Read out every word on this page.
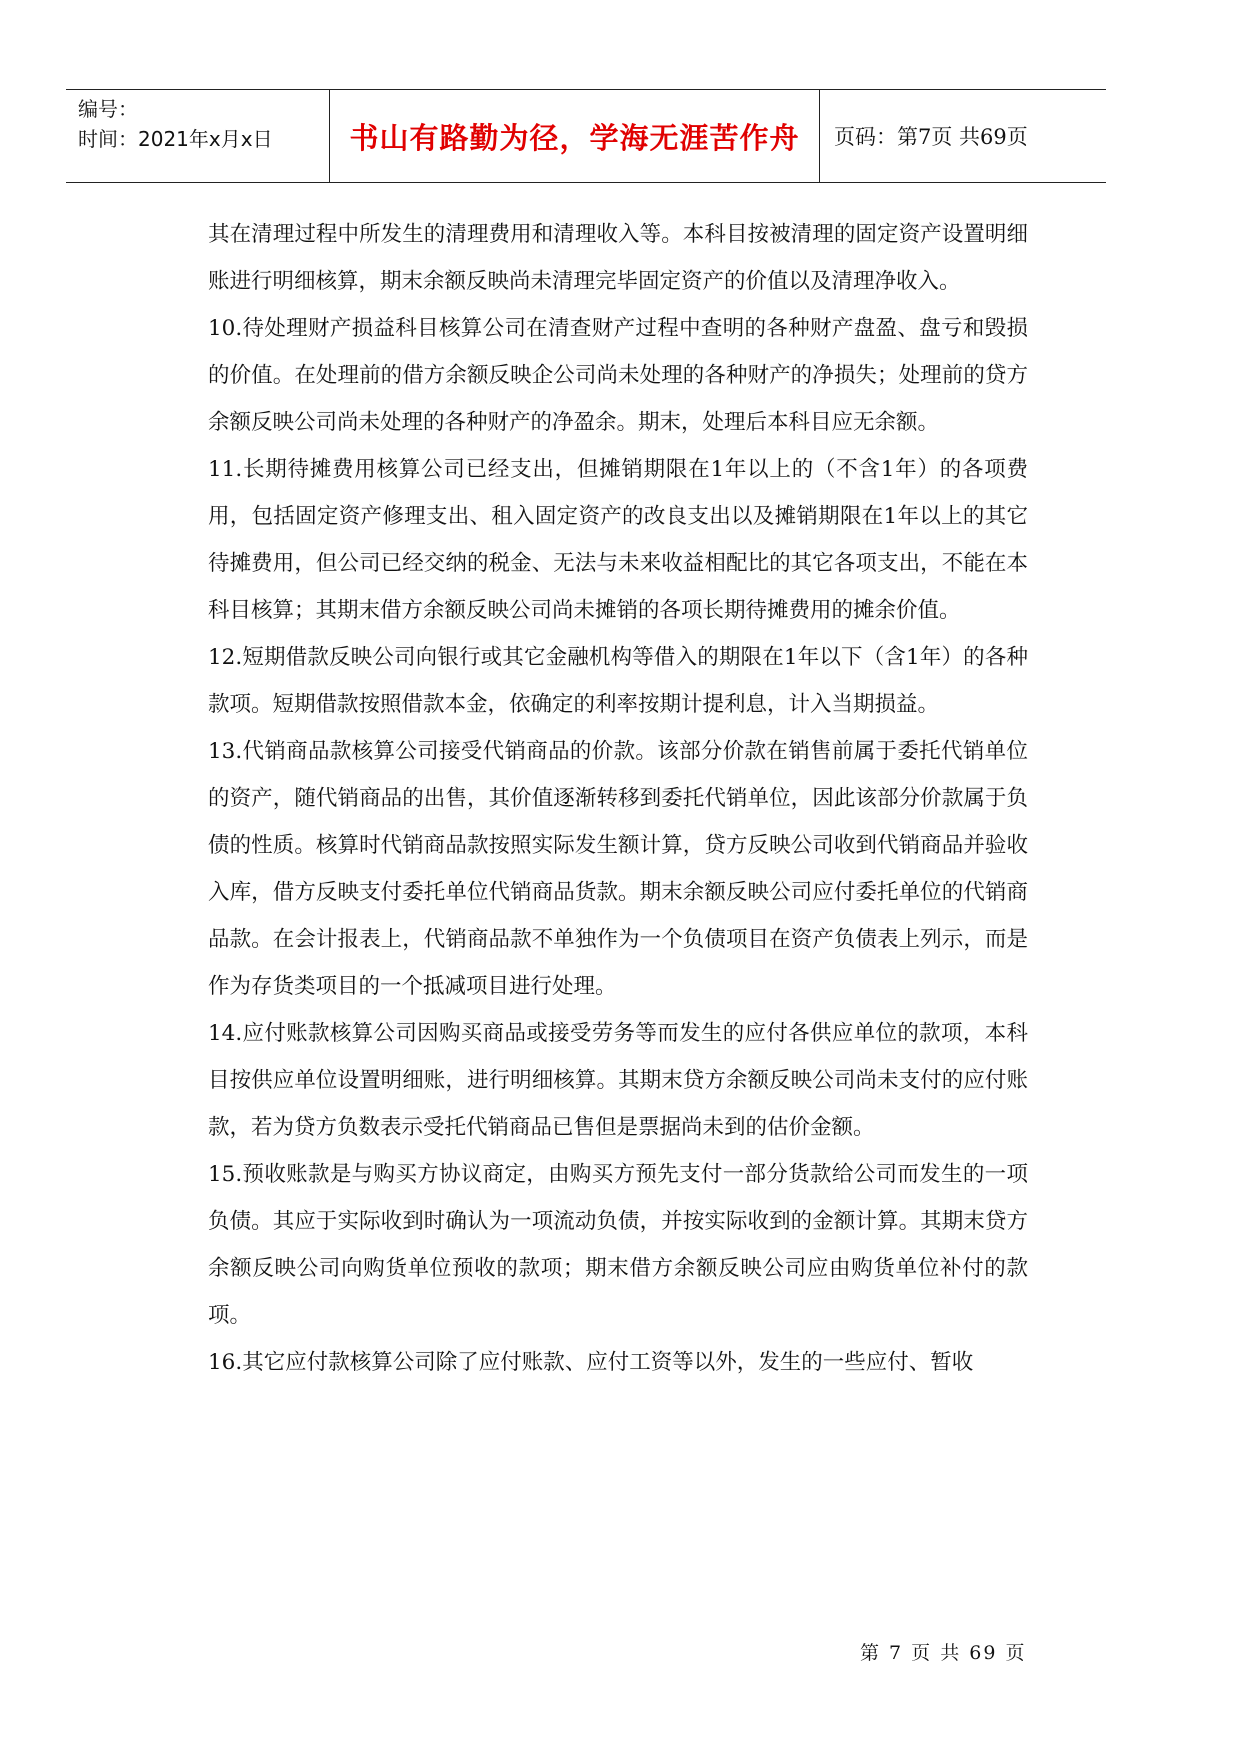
编号：
时间：2021年x月x日	书山有路勤为径，学海无涯苦作舟	页码：第7页 共69页

其在清理过程中所发生的清理费用和清理收入等。本科目按被清理的固定资产设置明细账进行明细核算，期末余额反映尚未清理完毕固定资产的价值以及清理净收入。

10.待处理财产损益科目核算公司在清查财产过程中查明的各种财产盘盈、盘亏和毁损的价值。在处理前的借方余额反映企公司尚未处理的各种财产的净损失；处理前的贷方余额反映公司尚未处理的各种财产的净盈余。期末，处理后本科目应无余额。

11.长期待摊费用核算公司已经支出，但摊销期限在1年以上的（不含1年）的各项费用，包括固定资产修理支出、租入固定资产的改良支出以及摊销期限在1年以上的其它待摊费用，但公司已经交纳的税金、无法与未来收益相配比的其它各项支出，不能在本科目核算；其期末借方余额反映公司尚未摊销的各项长期待摊费用的摊余价值。

12.短期借款反映公司向银行或其它金融机构等借入的期限在1年以下（含1年）的各种款项。短期借款按照借款本金，依确定的利率按期计提利息，计入当期损益。

13.代销商品款核算公司接受代销商品的价款。该部分价款在销售前属于委托代销单位的资产，随代销商品的出售，其价值逐渐转移到委托代销单位，因此该部分价款属于负债的性质。核算时代销商品款按照实际发生额计算，贷方反映公司收到代销商品并验收入库，借方反映支付委托单位代销商品货款。期末余额反映公司应付委托单位的代销商品款。在会计报表上，代销商品款不单独作为一个负债项目在资产负债表上列示，而是作为存货类项目的一个抵减项目进行处理。

14.应付账款核算公司因购买商品或接受劳务等而发生的应付各供应单位的款项，本科目按供应单位设置明细账，进行明细核算。其期末贷方余额反映公司尚未支付的应付账款，若为贷方负数表示受托代销商品已售但是票据尚未到的估价金额。

15.预收账款是与购买方协议商定，由购买方预先支付一部分货款给公司而发生的一项负债。其应于实际收到时确认为一项流动负债，并按实际收到的金额计算。其期末贷方余额反映公司向购货单位预收的款项；期末借方余额反映公司应由购货单位补付的款项。

16.其它应付款核算公司除了应付账款、应付工资等以外，发生的一些应付、暂收

第 7 页 共 69 页
